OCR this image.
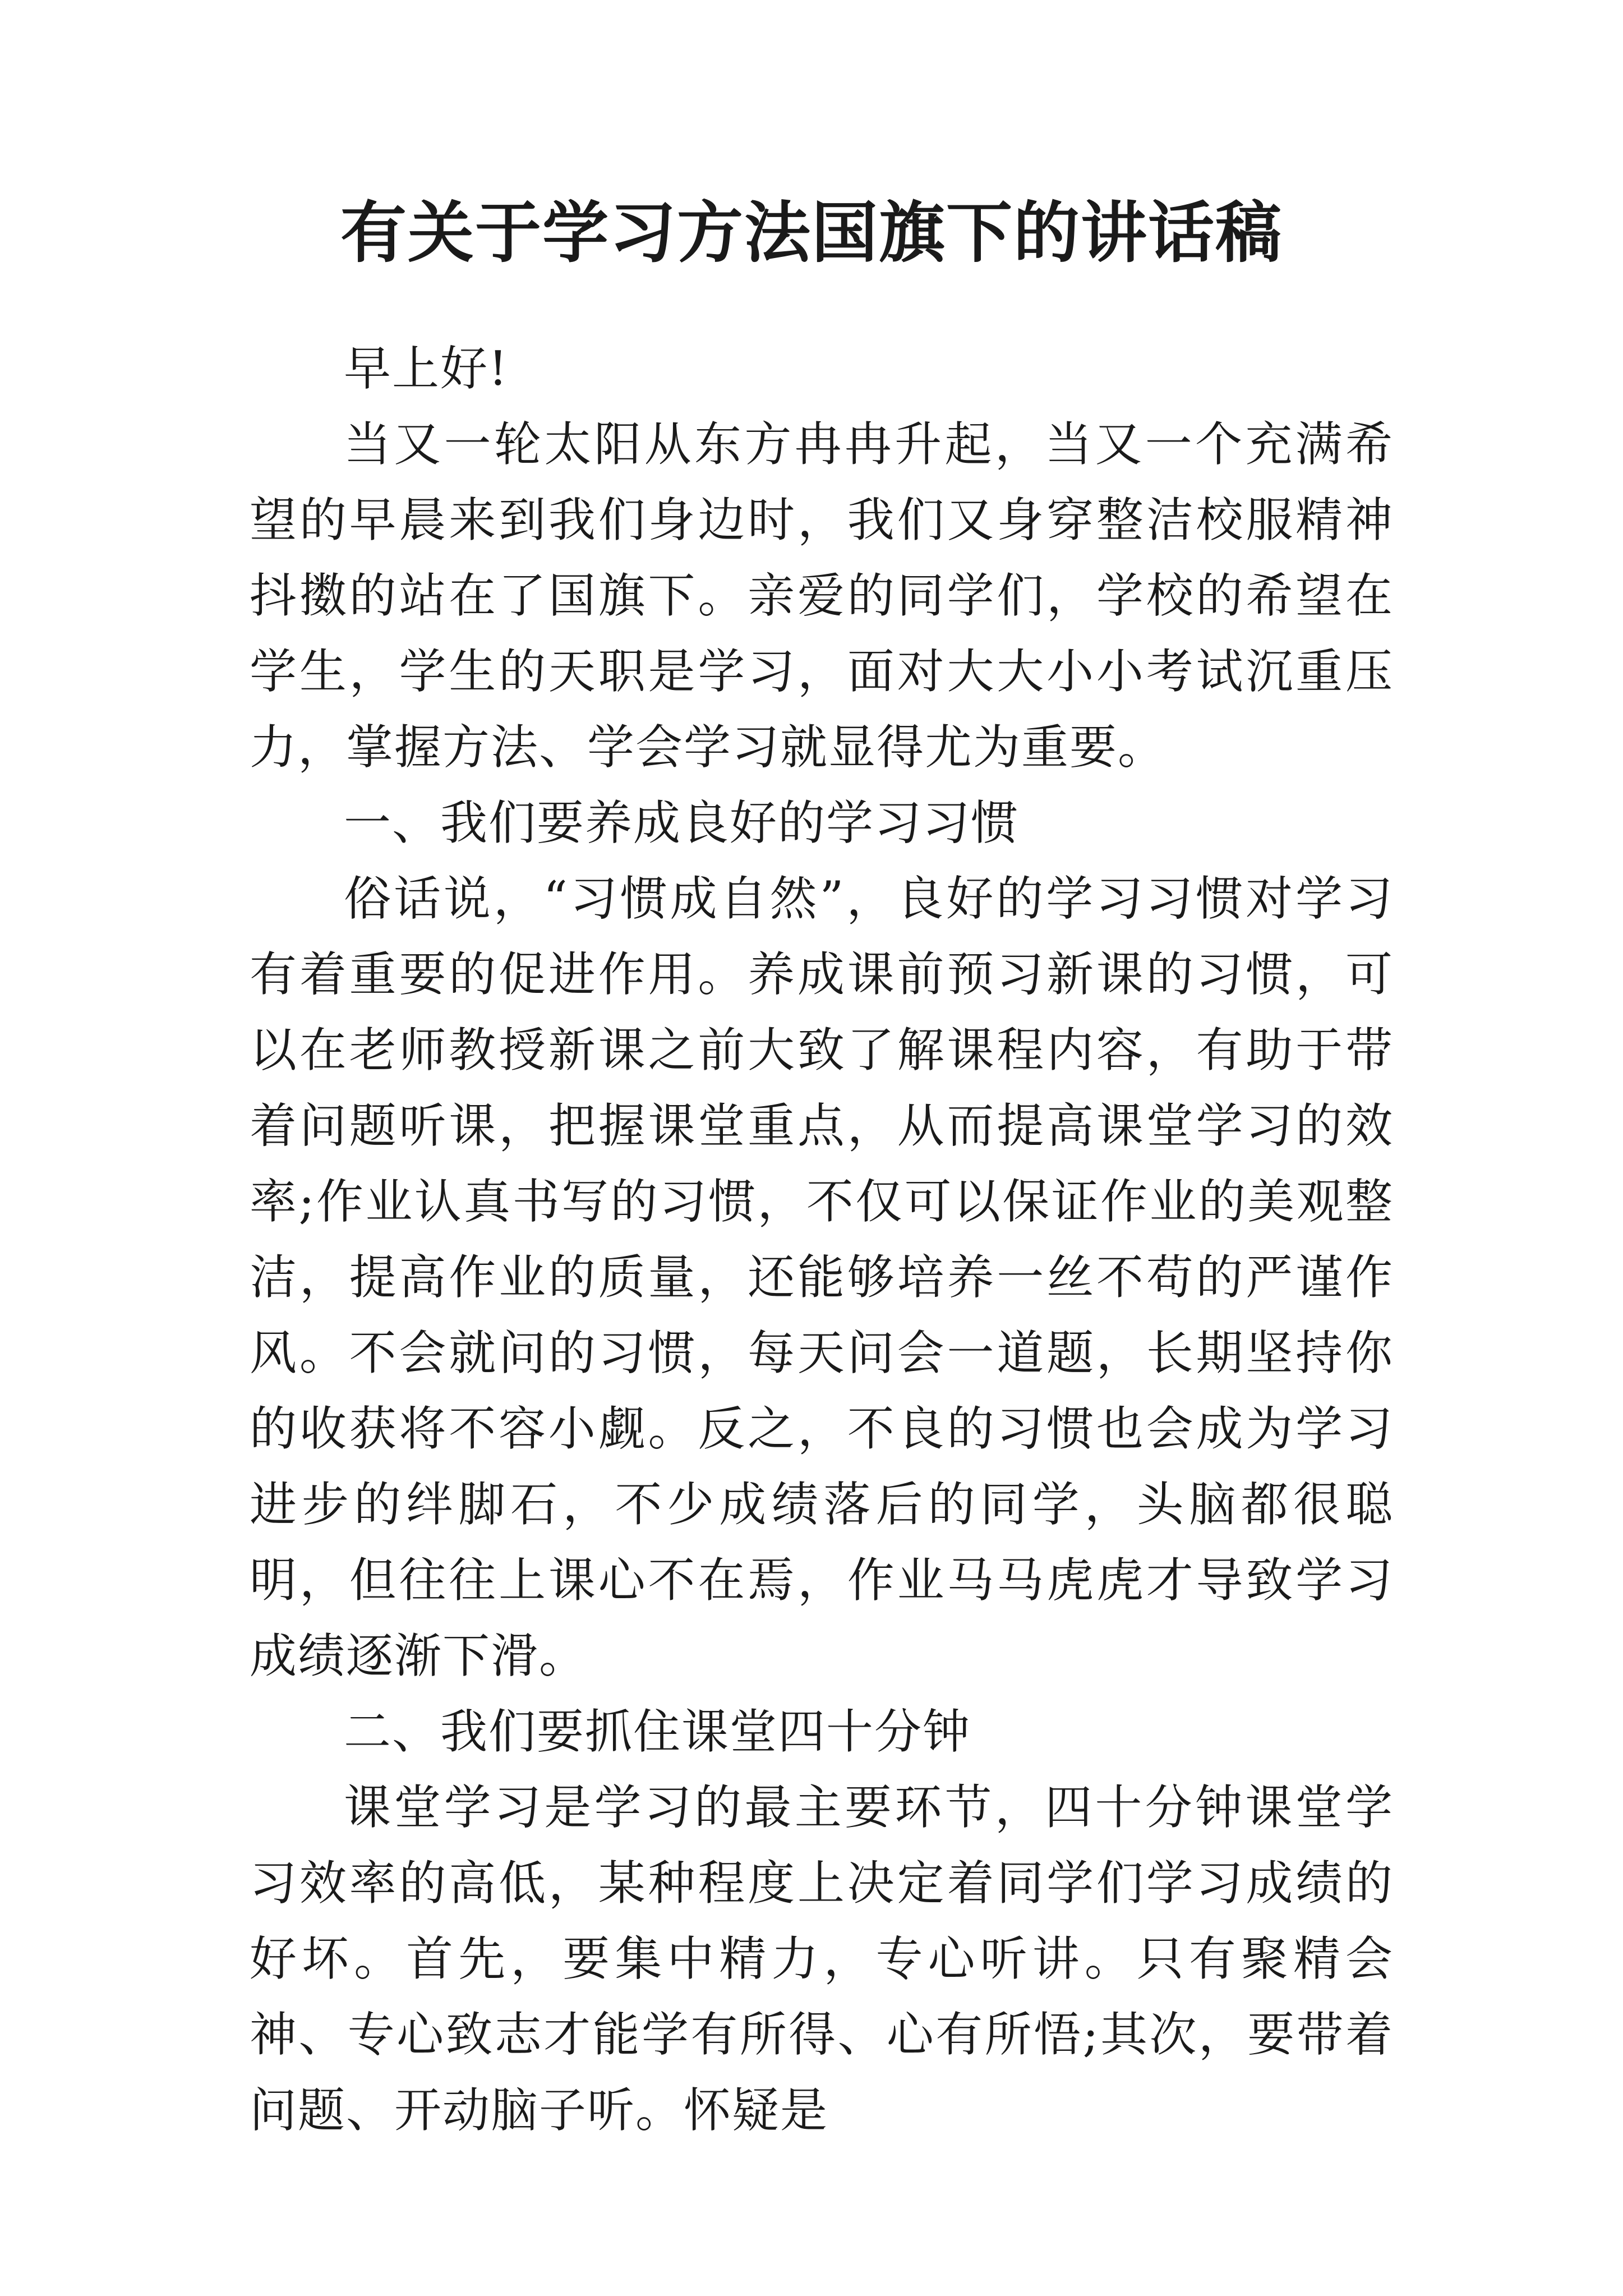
有关于学习方法国旗下的讲话稿

早上好!

当又一轮太阳从东方冉冉升起，当又一个充满希望的早晨来到我们身边时，我们又身穿整洁校服精神抖擞的站在了国旗下。亲爱的同学们，学校的希望在学生，学生的天职是学习，面对大大小小考试沉重压力，掌握方法、学会学习就显得尤为重要。

一、我们要养成良好的学习习惯

俗话说，“习惯成自然”，良好的学习习惯对学习有着重要的促进作用。养成课前预习新课的习惯，可以在老师教授新课之前大致了解课程内容，有助于带着问题听课，把握课堂重点，从而提高课堂学习的效率;作业认真书写的习惯，不仅可以保证作业的美观整洁，提高作业的质量，还能够培养一丝不苟的严谨作风。不会就问的习惯，每天问会一道题，长期坚持你的收获将不容小觑。反之，不良的习惯也会成为学习进步的绊脚石，不少成绩落后的同学，头脑都很聪明，但往往上课心不在焉，作业马马虎虎才导致学习成绩逐渐下滑。

二、我们要抓住课堂四十分钟

课堂学习是学习的最主要环节，四十分钟课堂学习效率的高低，某种程度上决定着同学们学习成绩的好坏。首先，要集中精力，专心听讲。只有聚精会神、专心致志才能学有所得、心有所悟;其次，要带着问题、开动脑子听。怀疑是
